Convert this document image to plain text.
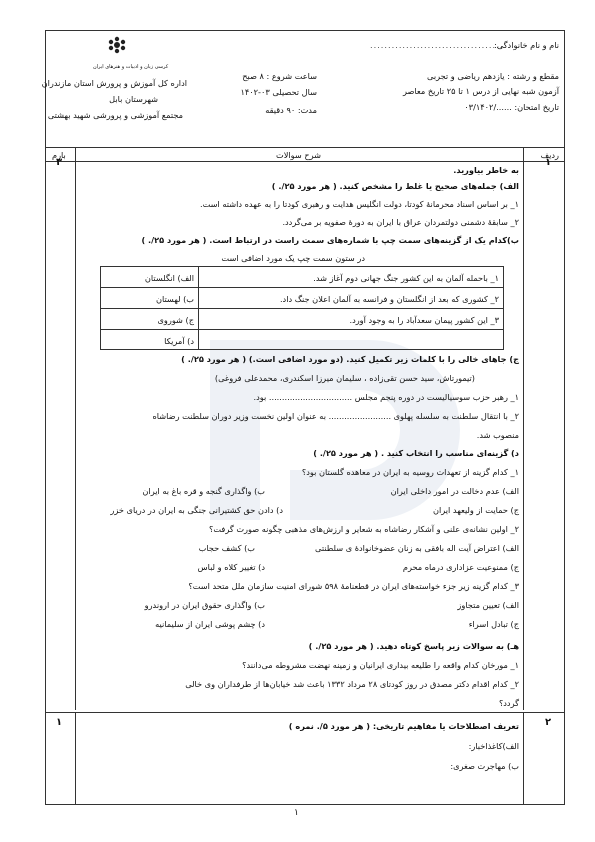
کرسی زبان و ادبیات و هنرهای ایران
نام و نام خانوادگی:
......................................
مقطع و رشته : یازدهم ریاضی و تجربی
آزمون شبه نهایی از درس ۱ تا ۲۵ تاریخ معاصر
تاریخ امتحان: ....../۰۳/۱۴۰۲
ساعت شروع : ۸ صبح
سال تحصیلی ۰۳-۱۴۰۲
مدت: ۹۰ دقیقه
اداره کل آموزش و پرورش استان مازندران
شهرستان بابل
مجتمع آموزشی و پرورشی شهید بهشتی
ردیف
شرح سوالات
بارم
۱
۳
به خاطر بیاورید.
الف) جمله‌های صحیح یا غلط را مشخص کنید. ( هر مورد ۲۵/. )
۱_ بر اساس اسناد محرمانهٔ کودتا، دولت انگلیس هدایت و رهبری کودتا را به عهده داشته است.
۲_ سابقهٔ دشمنی دولتمردان عراق با ایران به دورهٔ صفویه بر می‌گردد.
ب)کدام یک از گزینه‌های سمت چپ با شماره‌های سمت راست در ارتباط است. ( هر مورد ۲۵/. )
در ستون سمت چپ یک مورد اضافی است
۱_ باحمله آلمان به این کشور جنگ جهانی دوم آغاز شد.
۲_ کشوری که بعد از انگلستان و فرانسه به آلمان اعلان جنگ داد.
۳_ این کشور پیمان سعدآباد را به وجود آورد.
الف) انگلستان
ب) لهستان
ج) شوروی
د) آمریکا
ج) جاهای خالی را با کلمات زیر تکمیل کنید. (دو مورد اضافی است.) ( هر مورد ۲۵/. )
(تیمورتاش، سید حسن تقی‌زاده ، سلیمان میرزا اسکندری، محمدعلی فروغی)
۱_ رهبر حزب سوسیالیست در دوره پنجم مجلس ................................ بود.
۲_ با انتقال سلطنت به سلسله پهلوی ........................ به عنوان اولین نخست وزیر دوران سلطنت رضاشاه
منصوب شد.
د) گزینه‌ای مناسب را انتخاب کنید . ( هر مورد ۲۵/. )
۱_ کدام گزینه از تعهدات روسیه به ایران در معاهده گلستان بود؟
الف) عدم دخالت در امور داخلی ایران
ب) واگذاری گنجه و قره باغ به ایران
ج) حمایت از ولیعهد ایران
د) دادن حق کشتیرانی جنگی به ایران در دریای خزر
۲_ اولین نشانه‌ی علنی و آشکار رضاشاه به شعایر و ارزش‌های مذهبی چگونه صورت گرفت؟
الف) اعتراض آیت اله بافقی به زنان عضوخانوادهٔ ی سلطنتی
ب) کشف حجاب
ج) ممنوعیت عزاداری درماه محرم
د) تغییر کلاه و لباس
۳_ کدام گزینه زیر جزء خواسته‌های ایران در قطعنامهٔ ۵۹۸ شورای امنیت سازمان ملل متحد است؟
الف) تعیین متجاوز
ب) واگذاری حقوق ایران در اروندرو
ج) تبادل اسراء
د) چشم پوشی ایران از سلیمانیه
هـ) به سوالات زیر پاسخ کوتاه دهید. ( هر مورد ۲۵/. )
۱_ مورخان کدام واقعه را طلیعه بیداری ایرانیان و زمینه نهضت مشروطه می‌دانند؟
۲_ کدام اقدام دکتر مصدق در روز کودتای ۲۸ مرداد ۱۳۳۲ باعث شد خیابان‌ها از طرفداران وی خالی
گردد؟
۲
۱	تعریف اصطلاحات یا مفاهیم تاریخی: ( هر مورد ۵/. نمره )
الف)کاغذاخبار:
ب) مهاجرت صغری:
۱
